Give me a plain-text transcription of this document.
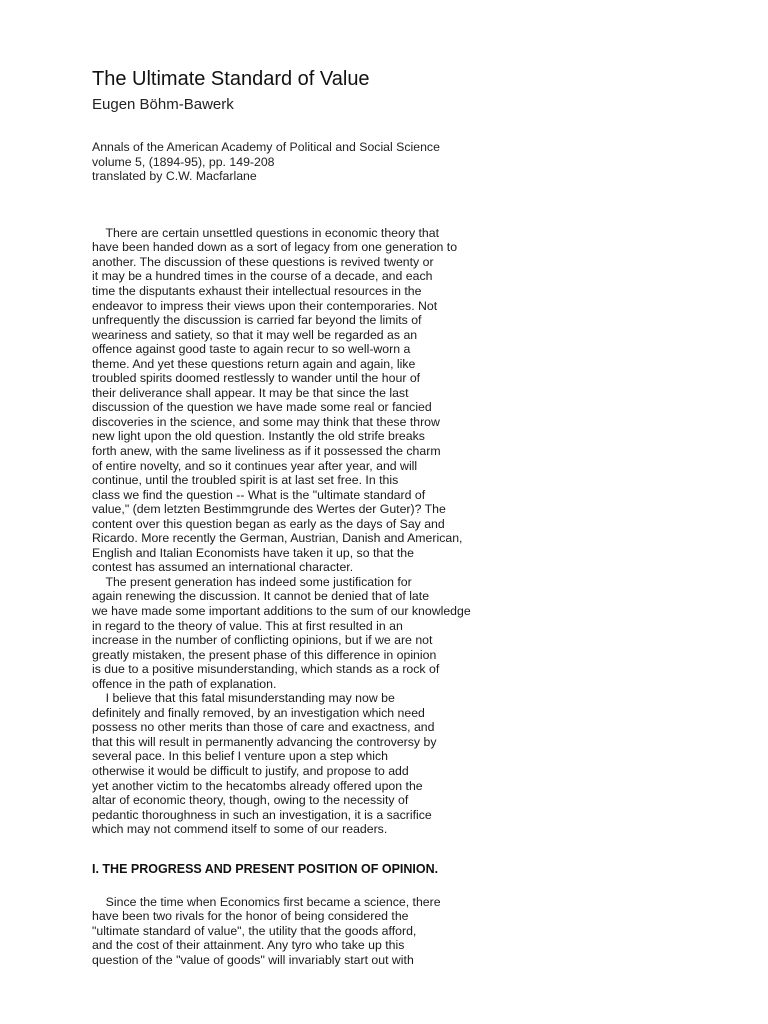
The Ultimate Standard of Value
Eugen Böhm-Bawerk
Annals of the American Academy of Political and Social Science
volume 5, (1894-95), pp. 149-208
translated by C.W. Macfarlane
There are certain unsettled questions in economic theory that
have been handed down as a sort of legacy from one generation to
another. The discussion of these questions is revived twenty or
it may be a hundred times in the course of a decade, and each
time the disputants exhaust their intellectual resources in the
endeavor to impress their views upon their contemporaries. Not
unfrequently the discussion is carried far beyond the limits of
weariness and satiety, so that it may well be regarded as an
offence against good taste to again recur to so well-worn a
theme. And yet these questions return again and again, like
troubled spirits doomed restlessly to wander until the hour of
their deliverance shall appear. It may be that since the last
discussion of the question we have made some real or fancied
discoveries in the science, and some may think that these throw
new light upon the old question. Instantly the old strife breaks
forth anew, with the same liveliness as if it possessed the charm
of entire novelty, and so it continues year after year, and will
continue, until the troubled spirit is at last set free. In this
class we find the question -- What is the "ultimate standard of
value," (dem letzten Bestimmgrunde des Wertes der Guter)? The
content over this question began as early as the days of Say and
Ricardo. More recently the German, Austrian, Danish and American,
English and Italian Economists have taken it up, so that the
contest has assumed an international character.
The present generation has indeed some justification for
again renewing the discussion. It cannot be denied that of late
we have made some important additions to the sum of our knowledge
in regard to the theory of value. This at first resulted in an
increase in the number of conflicting opinions, but if we are not
greatly mistaken, the present phase of this difference in opinion
is due to a positive misunderstanding, which stands as a rock of
offence in the path of explanation.
I believe that this fatal misunderstanding may now be
definitely and finally removed, by an investigation which need
possess no other merits than those of care and exactness, and
that this will result in permanently advancing the controversy by
several pace. In this belief I venture upon a step which
otherwise it would be difficult to justify, and propose to add
yet another victim to the hecatombs already offered upon the
altar of economic theory, though, owing to the necessity of
pedantic thoroughness in such an investigation, it is a sacrifice
which may not commend itself to some of our readers.
I. THE PROGRESS AND PRESENT POSITION OF OPINION.
Since the time when Economics first became a science, there
have been two rivals for the honor of being considered the
"ultimate standard of value", the utility that the goods afford,
and the cost of their attainment. Any tyro who take up this
question of the "value of goods" will invariably start out with
